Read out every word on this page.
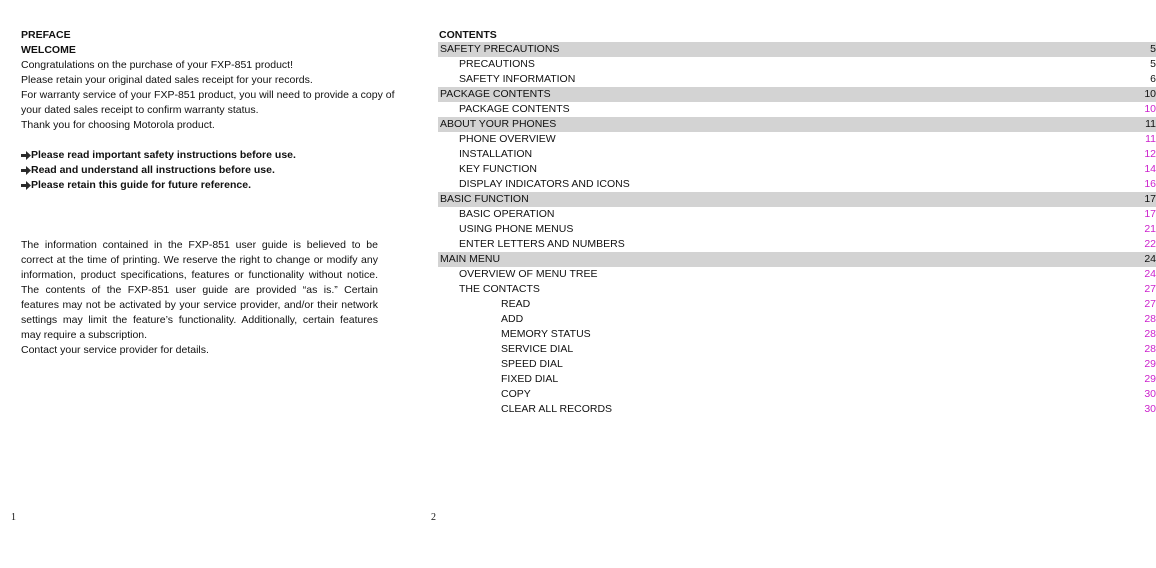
PREFACE
WELCOME
Congratulations on the purchase of your FXP-851 product!
Please retain your original dated sales receipt for your records.
For warranty service of your FXP-851 product, you will need to provide a copy of
your dated sales receipt to confirm warranty status.
Thank you for choosing Motorola product.
Please read important safety instructions before use.
Read and understand all instructions before use.
Please retain this guide for future reference.
The information contained in the FXP-851 user guide is believed to be correct at the time of printing. We reserve the right to change or modify any information, product specifications, features or functionality without notice. The contents of the FXP-851 user guide are provided “as is.” Certain features may not be activated by your service provider, and/or their network settings may limit the feature’s functionality. Additionally, certain features may require a subscription.
Contact your service provider for details.
1
CONTENTS
SAFETY PRECAUTIONS	5
PRECAUTIONS	5
SAFETY INFORMATION	6
PACKAGE CONTENTS	10
PACKAGE CONTENTS	10
ABOUT YOUR PHONES	11
PHONE OVERVIEW	11
INSTALLATION	12
KEY FUNCTION	14
DISPLAY INDICATORS AND ICONS	16
BASIC FUNCTION	17
BASIC OPERATION	17
USING PHONE MENUS	21
ENTER LETTERS AND NUMBERS	22
MAIN MENU	24
OVERVIEW OF MENU TREE	24
THE CONTACTS	27
READ	27
ADD	28
MEMORY STATUS	28
SERVICE DIAL	28
SPEED DIAL	29
FIXED DIAL	29
COPY	30
CLEAR ALL RECORDS	30
2
